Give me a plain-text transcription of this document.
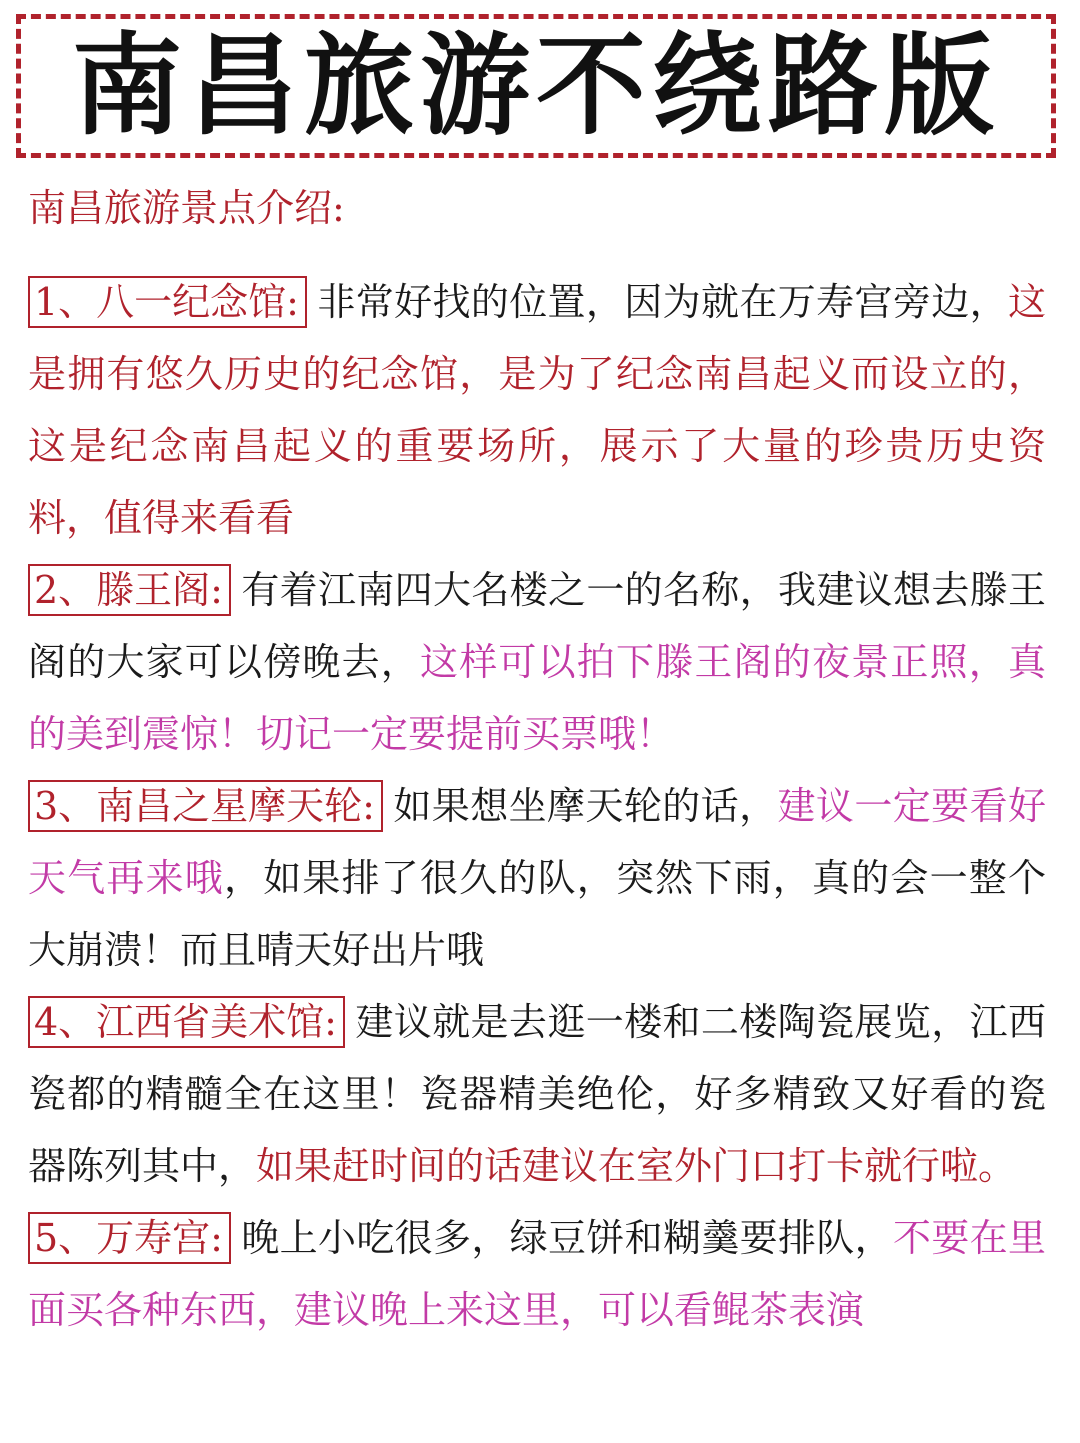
南昌旅游不绕路版
南昌旅游景点介绍:

1、八一纪念馆: 非常好找的位置，因为就在万寿宫旁边，这是拥有悠久历史的纪念馆，是为了纪念南昌起义而设立的，这是纪念南昌起义的重要场所，展示了大量的珍贵历史资料，值得来看看

2、滕王阁: 有着江南四大名楼之一的名称，我建议想去滕王阁的大家可以傍晚去，这样可以拍下滕王阁的夜景正照，真的美到震惊！切记一定要提前买票哦！

3、南昌之星摩天轮: 如果想坐摩天轮的话，建议一定要看好天气再来哦，如果排了很久的队，突然下雨，真的会一整个大崩溃！而且晴天好出片哦

4、江西省美术馆: 建议就是去逛一楼和二楼陶瓷展览，江西瓷都的精髓全在这里！瓷器精美绝伦，好多精致又好看的瓷器陈列其中，如果赶时间的话建议在室外门口打卡就行啦。

5、万寿宫: 晚上小吃很多，绿豆饼和糊羹要排队，不要在里面买各种东西，建议晚上来这里，可以看鲲茶表演
